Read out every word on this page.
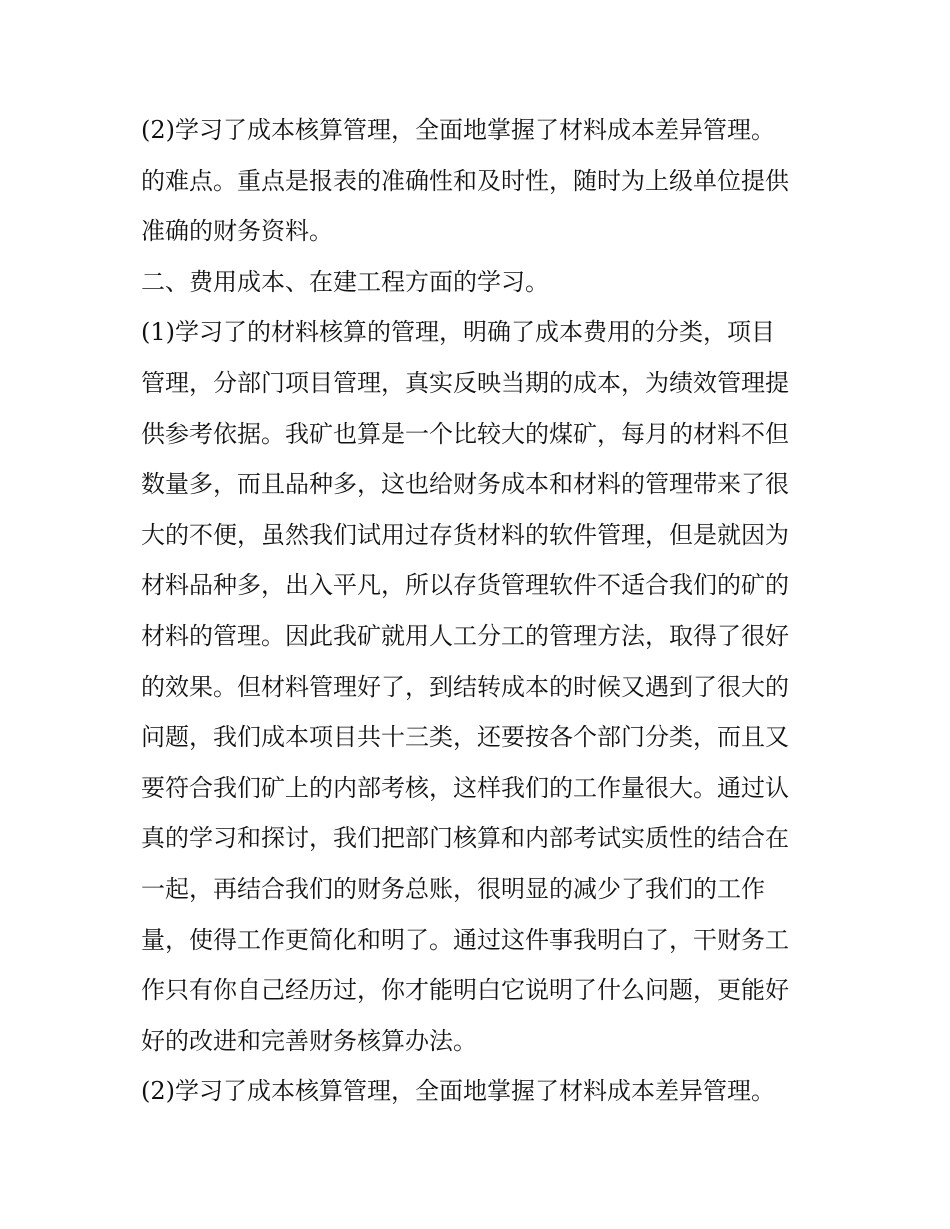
(2)学习了成本核算管理，全面地掌握了材料成本差异管理。
的难点。重点是报表的准确性和及时性，随时为上级单位提供
准确的财务资料。
二、费用成本、在建工程方面的学习。
(1)学习了的材料核算的管理，明确了成本费用的分类，项目
管理，分部门项目管理，真实反映当期的成本，为绩效管理提
供参考依据。我矿也算是一个比较大的煤矿，每月的材料不但
数量多，而且品种多，这也给财务成本和材料的管理带来了很
大的不便，虽然我们试用过存货材料的软件管理，但是就因为
材料品种多，出入平凡，所以存货管理软件不适合我们的矿的
材料的管理。因此我矿就用人工分工的管理方法，取得了很好
的效果。但材料管理好了，到结转成本的时候又遇到了很大的
问题，我们成本项目共十三类，还要按各个部门分类，而且又
要符合我们矿上的内部考核，这样我们的工作量很大。通过认
真的学习和探讨，我们把部门核算和内部考试实质性的结合在
一起，再结合我们的财务总账，很明显的减少了我们的工作
量，使得工作更简化和明了。通过这件事我明白了，干财务工
作只有你自己经历过，你才能明白它说明了什么问题，更能好
好的改进和完善财务核算办法。
(2)学习了成本核算管理，全面地掌握了材料成本差异管理。
